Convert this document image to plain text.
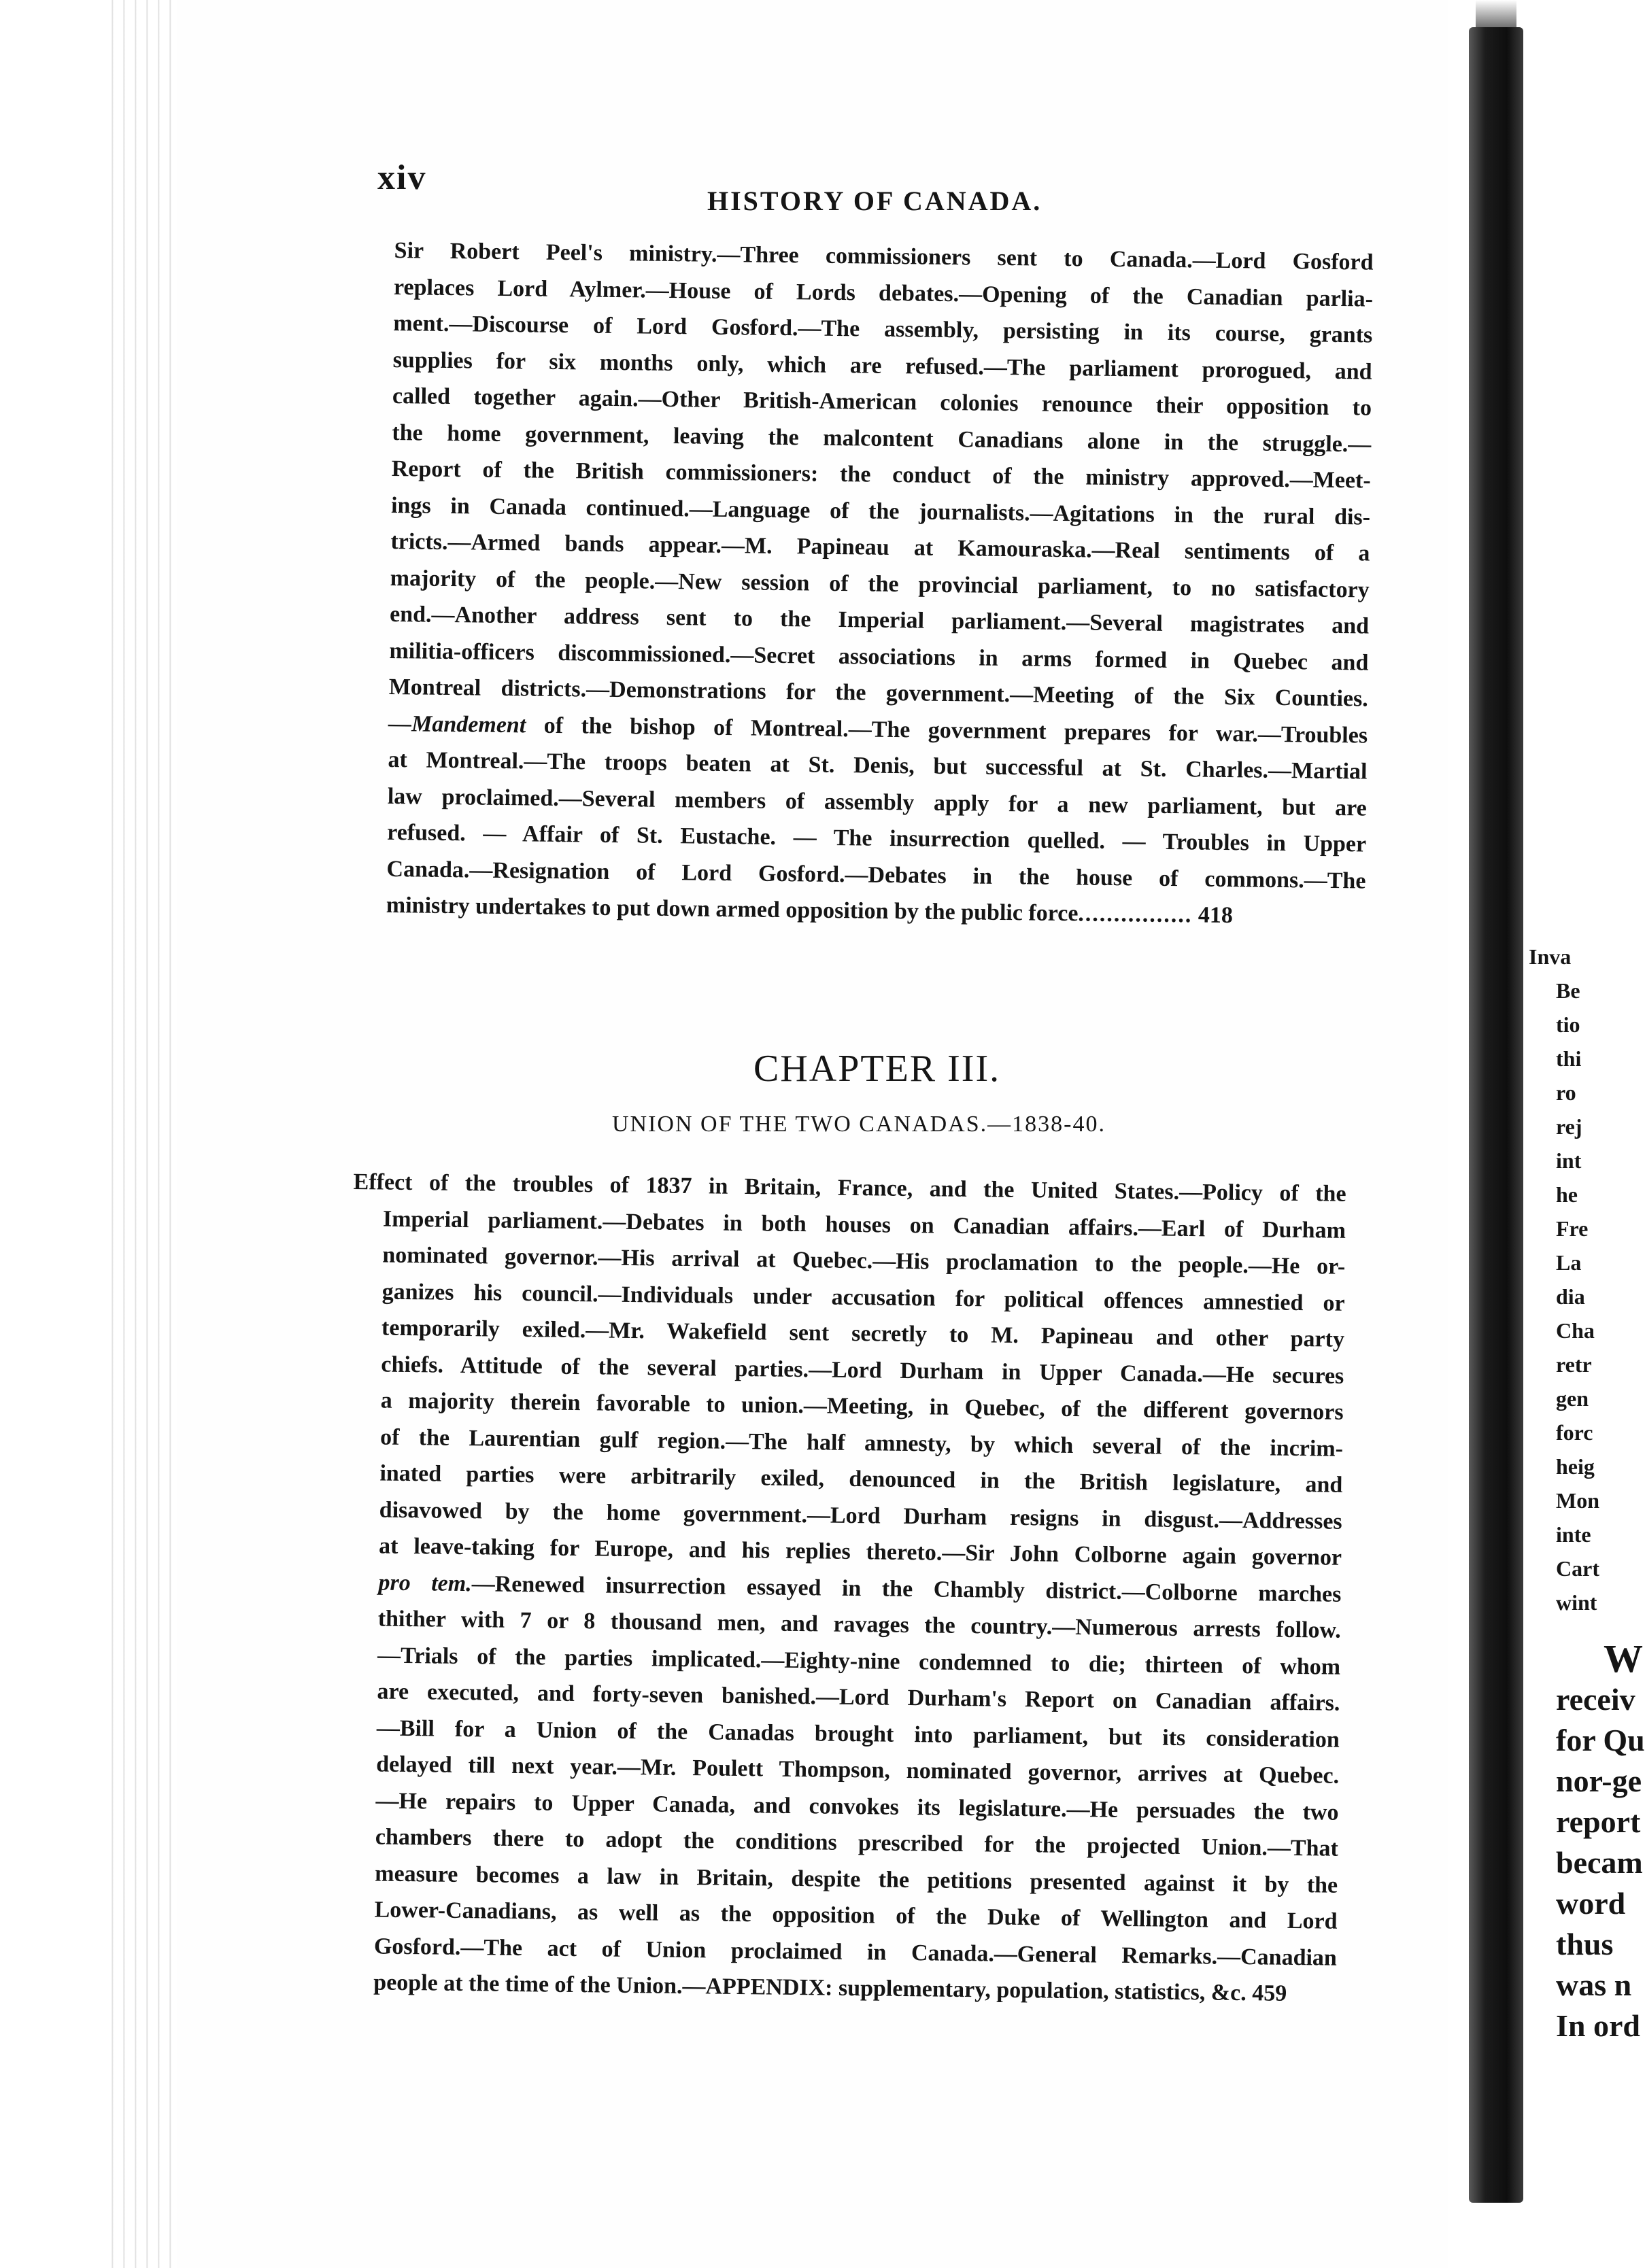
xiv
HISTORY OF CANADA.
Sir Robert Peel's ministry.—Three commissioners sent to Canada.—Lord Gosford
replaces Lord Aylmer.—House of Lords debates.—Opening of the Canadian parlia-
ment.—Discourse of Lord Gosford.—The assembly, persisting in its course, grants
supplies for six months only, which are refused.—The parliament prorogued, and
called together again.—Other British-American colonies renounce their opposition to
the home government, leaving the malcontent Canadians alone in the struggle.—
Report of the British commissioners: the conduct of the ministry approved.—Meet-
ings in Canada continued.—Language of the journalists.—Agitations in the rural dis-
tricts.—Armed bands appear.—M. Papineau at Kamouraska.—Real sentiments of a
majority of the people.—New session of the provincial parliament, to no satisfactory
end.—Another address sent to the Imperial parliament.—Several magistrates and
militia-officers discommissioned.—Secret associations in arms formed in Quebec and
Montreal districts.—Demonstrations for the government.—Meeting of the Six Counties.
—Mandement of the bishop of Montreal.—The government prepares for war.—Troubles
at Montreal.—The troops beaten at St. Denis, but successful at St. Charles.—Martial
law proclaimed.—Several members of assembly apply for a new parliament, but are
refused. — Affair of St. Eustache. — The insurrection quelled. — Troubles in Upper
Canada.—Resignation of Lord Gosford.—Debates in the house of commons.—The
ministry undertakes to put down armed opposition by the public force................ 418
CHAPTER III.
UNION OF THE TWO CANADAS.—1838-40.
Effect of the troubles of 1837 in Britain, France, and the United States.—Policy of the
Imperial parliament.—Debates in both houses on Canadian affairs.—Earl of Durham
nominated governor.—His arrival at Quebec.—His proclamation to the people.—He or-
ganizes his council.—Individuals under accusation for political offences amnestied or
temporarily exiled.—Mr. Wakefield sent secretly to M. Papineau and other party
chiefs. Attitude of the several parties.—Lord Durham in Upper Canada.—He secures
a majority therein favorable to union.—Meeting, in Quebec, of the different governors
of the Laurentian gulf region.—The half amnesty, by which several of the incrim-
inated parties were arbitrarily exiled, denounced in the British legislature, and
disavowed by the home government.—Lord Durham resigns in disgust.—Addresses
at leave-taking for Europe, and his replies thereto.—Sir John Colborne again governor
pro tem.—Renewed insurrection essayed in the Chambly district.—Colborne marches
thither with 7 or 8 thousand men, and ravages the country.—Numerous arrests follow.
—Trials of the parties implicated.—Eighty-nine condemned to die; thirteen of whom
are executed, and forty-seven banished.—Lord Durham's Report on Canadian affairs.
—Bill for a Union of the Canadas brought into parliament, but its consideration
delayed till next year.—Mr. Poulett Thompson, nominated governor, arrives at Quebec.
—He repairs to Upper Canada, and convokes its legislature.—He persuades the two
chambers there to adopt the conditions prescribed for the projected Union.—That
measure becomes a law in Britain, despite the petitions presented against it by the
Lower-Canadians, as well as the opposition of the Duke of Wellington and Lord
Gosford.—The act of Union proclaimed in Canada.—General Remarks.—Canadian
people at the time of the Union.—APPENDIX: supplementary, population, statistics, &c. 459
Inva
Be
tio
thi
ro
rej
int
he
Fre
La
dia
Cha
retr
gen
forc
heig
Mon
inte
Cart
wint
W
receiv
for Qu
nor-ge
report
becam
word
thus
was n
In ord
